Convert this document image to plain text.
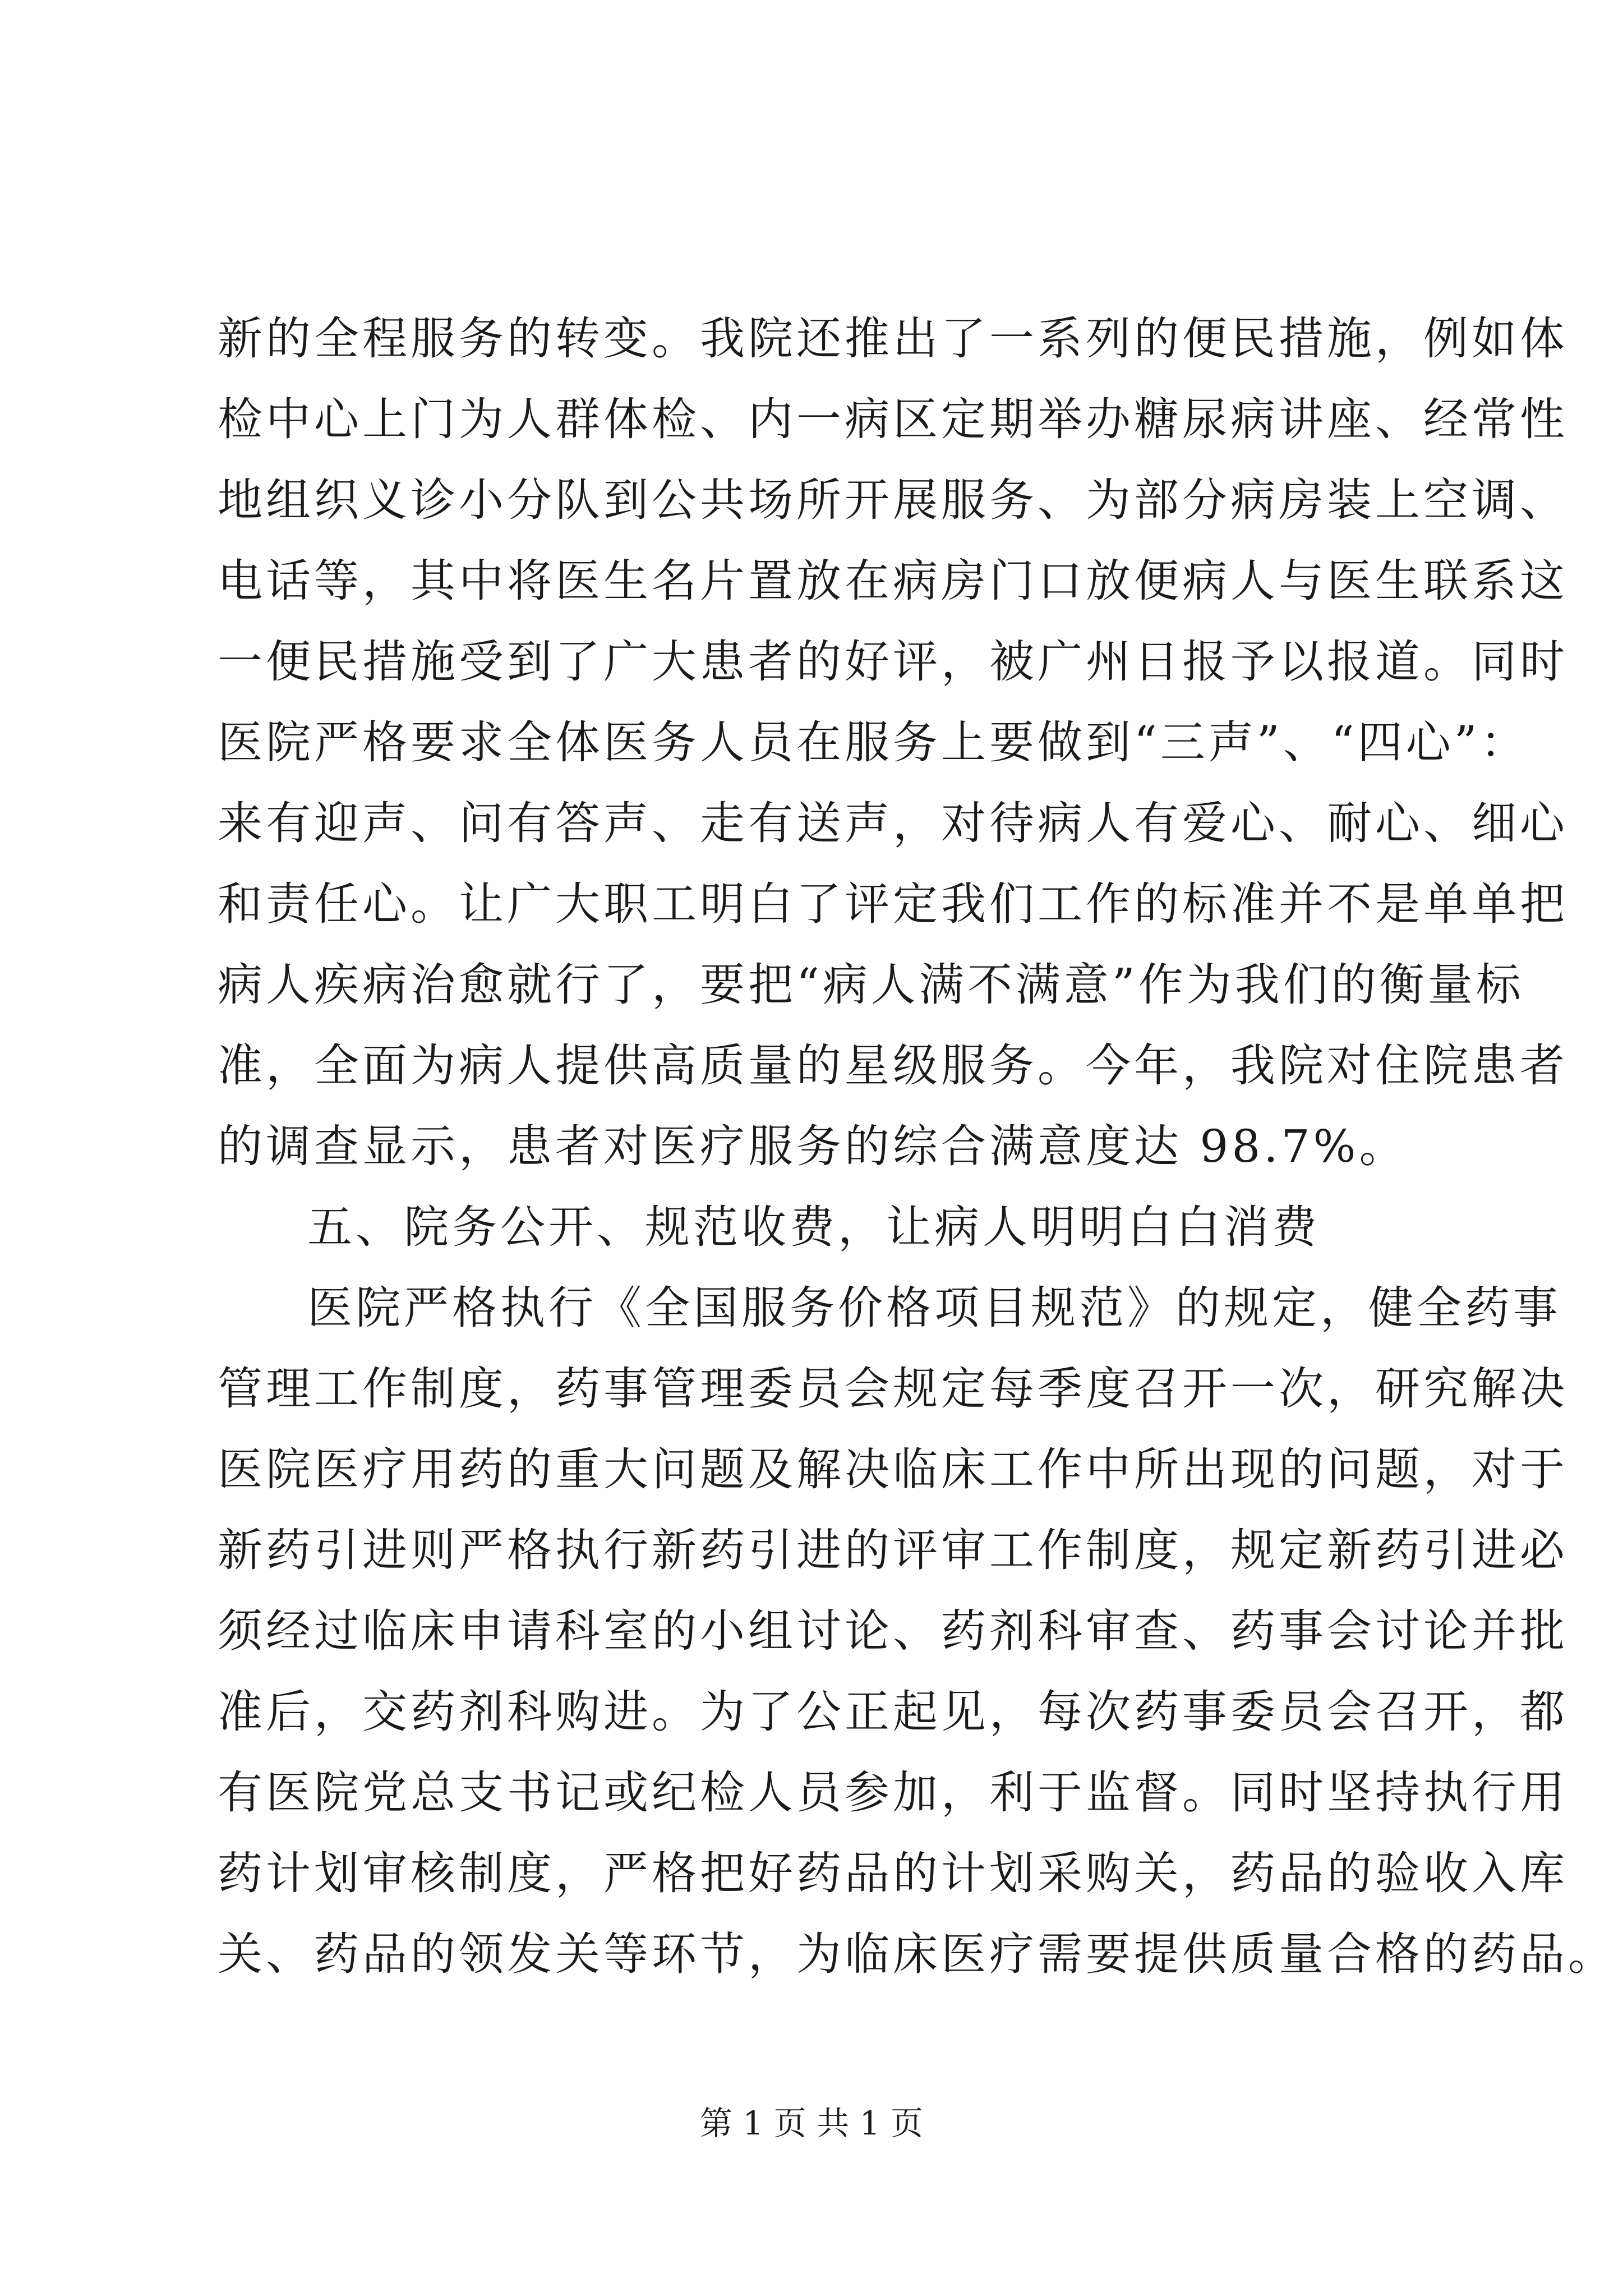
新的全程服务的转变。我院还推出了一系列的便民措施，例如体
检中心上门为人群体检、内一病区定期举办糖尿病讲座、经常性
地组织义诊小分队到公共场所开展服务、为部分病房装上空调、
电话等，其中将医生名片置放在病房门口放便病人与医生联系这
一便民措施受到了广大患者的好评，被广州日报予以报道。同时
医院严格要求全体医务人员在服务上要做到“三声”、“四心”：
来有迎声、问有答声、走有送声，对待病人有爱心、耐心、细心
和责任心。让广大职工明白了评定我们工作的标准并不是单单把
病人疾病治愈就行了，要把“病人满不满意”作为我们的衡量标
准，全面为病人提供高质量的星级服务。今年，我院对住院患者
的调查显示，患者对医疗服务的综合满意度达 98.7%。
五、院务公开、规范收费，让病人明明白白消费
医院严格执行《全国服务价格项目规范》的规定，健全药事
管理工作制度，药事管理委员会规定每季度召开一次，研究解决
医院医疗用药的重大问题及解决临床工作中所出现的问题，对于
新药引进则严格执行新药引进的评审工作制度，规定新药引进必
须经过临床申请科室的小组讨论、药剂科审查、药事会讨论并批
准后，交药剂科购进。为了公正起见，每次药事委员会召开，都
有医院党总支书记或纪检人员参加，利于监督。同时坚持执行用
药计划审核制度，严格把好药品的计划采购关，药品的验收入库
关、药品的领发关等环节，为临床医疗需要提供质量合格的药品。
第 1 页 共 1 页
